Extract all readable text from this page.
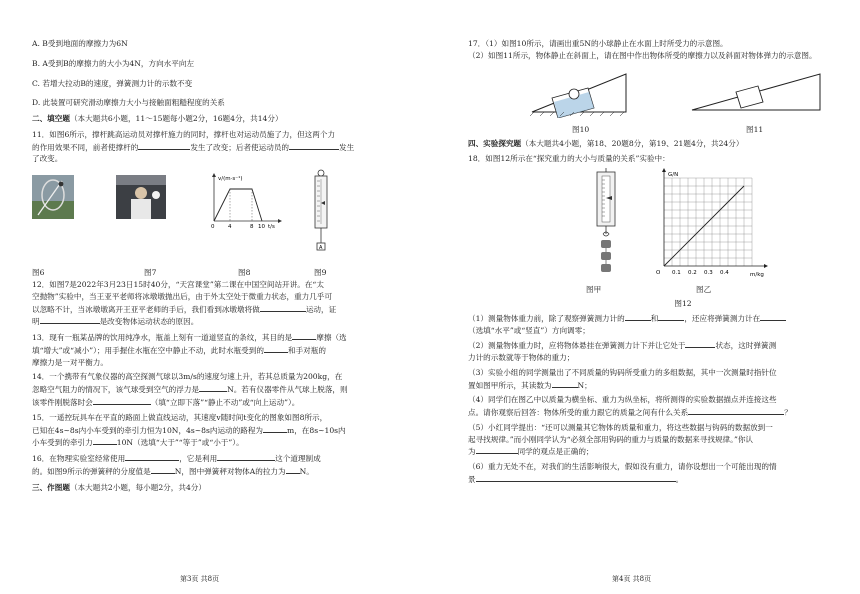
A. B受到地面的摩擦力为6N

B. A受到B的摩擦力的大小为4N，方向水平向左

C. 若增大拉动B的速度，弹簧测力计的示数不变

D. 此装置可研究滑动摩擦力大小与接触面粗糙程度的关系

二、填空题（本大题共6小题，11～15题每小题2分，16题4分，共14分）

11．如图6所示，撑杆跳高运动员对撑杆施力的同时，撑杆也对运动员施了力，但这两个力
的作用效果不同，前者使撑杆的	发生了改变；后者使运动员的	发生
了改变。

v/(m·s⁻¹)
t/s
0 4	8 10
A
图6	图7	图8	图9

12．如图7是2022年3月23日15时40分，“天宫课堂”第二课在中国空间站开讲。在“太
空抛物”实验中，当王亚平老师将冰墩墩抛出后，由于外太空处于微重力状态，重力几乎可
以忽略不计，当冰墩墩离开王亚平老师的手后，我们看到冰墩墩将做	运动，证
明	是改变物体运动状态的原因。

13．现有一瓶某品牌的饮用纯净水，瓶盖上刻有一道道竖直的条纹，其目的是	摩擦（选
填“增大”或“减小”）；用手握住水瓶在空中静止不动，此时水瓶受到的	和手对瓶的
摩擦力是一对平衡力。

14．一个携带有气象仪器的高空探测气球以3m/s的速度匀速上升，若其总质量为200kg，在
忽略空气阻力的情况下，该气球受到空气的浮力是	N。若有仪器零件从气球上脱落，则
该零件刚脱落时会	（填“立即下落”“静止不动”或“向上运动”）。

15．一遥控玩具车在平直的路面上做直线运动，其速度v随时间t变化的图象如图8所示，
已知在4s~8s内小车受到的牵引力恒为10N，4s~8s内运动的路程为	m，在8s~10s内
小车受到的牵引力	10N（选填“大于”“等于”或“小于”）。

16．在物理实验室经常使用	，它是利用	这个道理制成
的。如图9所示的弹簧秤的分度值是	N，图中弹簧秤对物体A的拉力为 N。

三、作图题（本大题共2小题，每小题2分，共4分）
第3页 共8页

17．（1）如图10所示，请画出重5N的小球静止在水面上时所受力的示意图。
（2）如图11所示，物体静止在斜面上，请在图中作出物体所受的摩擦力以及斜面对物体弹力的示意图。

图10	图11
四、实验探究题（本大题共4小题，第18、20题8分，第19、21题4分，共24分）

18．如图12所示在“探究重力的大小与质量的关系”实验中：

G/N
m/kg
O 0.1 0.2 0.3 0.4
图甲	图乙

图12

（1）测量物体重力前，除了观察弹簧测力计的	和	，还应将弹簧测力计在
（选填“水平”或“竖直”）方向调零；

（2）测量物体重力时，应将物体悬挂在弹簧测力计下并让它处于	状态，这时弹簧测
力计的示数就等于物体的重力；

（3）实验小组的同学测量出了不同质量的钩码所受重力的多组数据，其中一次测量时指针位
置如图甲所示，其读数为	N；

（4）同学们在图乙中以质量为横坐标、重力为纵坐标，将所测得的实验数据描点并连接这些
点。请你观察后回答：物体所受的重力跟它的质量之间有什么关系	？

（5）小红同学提出：“还可以测量其它物体的质量和重力，将这些数据与钩码的数据放到一
起寻找规律。”而小刚同学认为“必须全部用钩码的重力与质量的数据来寻找规律。”你认
为	同学的观点是正确的；

（6）重力无处不在，对我们的生活影响很大，假如没有重力，请你设想出一个可能出现的情
景	。

第4页 共8页
